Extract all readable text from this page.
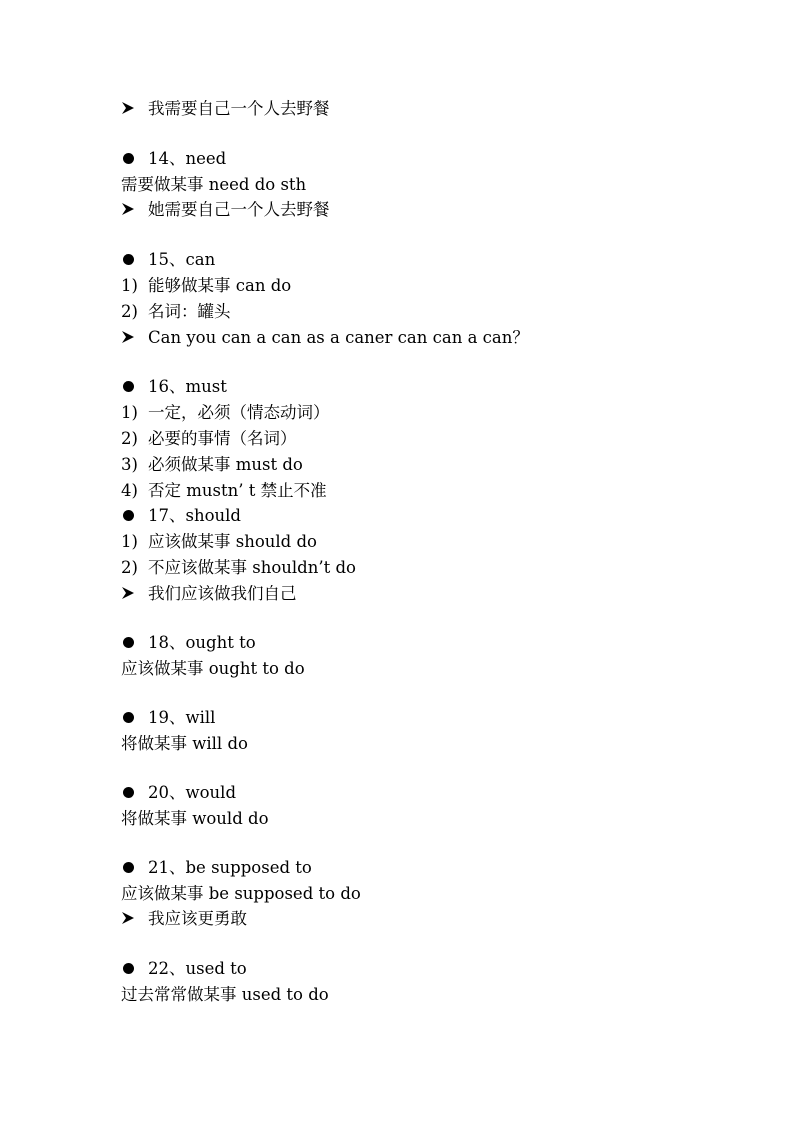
我需要自己一个人去野餐
14、need
需要做某事 need do sth
她需要自己一个人去野餐
15、can
1) 能够做某事 can do
2) 名词：罐头
Can you can a can as a caner can can a can？
16、must
1) 一定，必须（情态动词）
2) 必要的事情（名词）
3) 必须做某事 must do
4) 否定 mustn’ t 禁止不准
17、should
1) 应该做某事 should do
2) 不应该做某事 shouldn’t do
我们应该做我们自己
18、ought to
应该做某事 ought to do
19、will
将做某事 will do
20、would
将做某事 would do
21、be supposed to
应该做某事 be supposed to do
我应该更勇敢
22、used to
过去常常做某事 used to do
